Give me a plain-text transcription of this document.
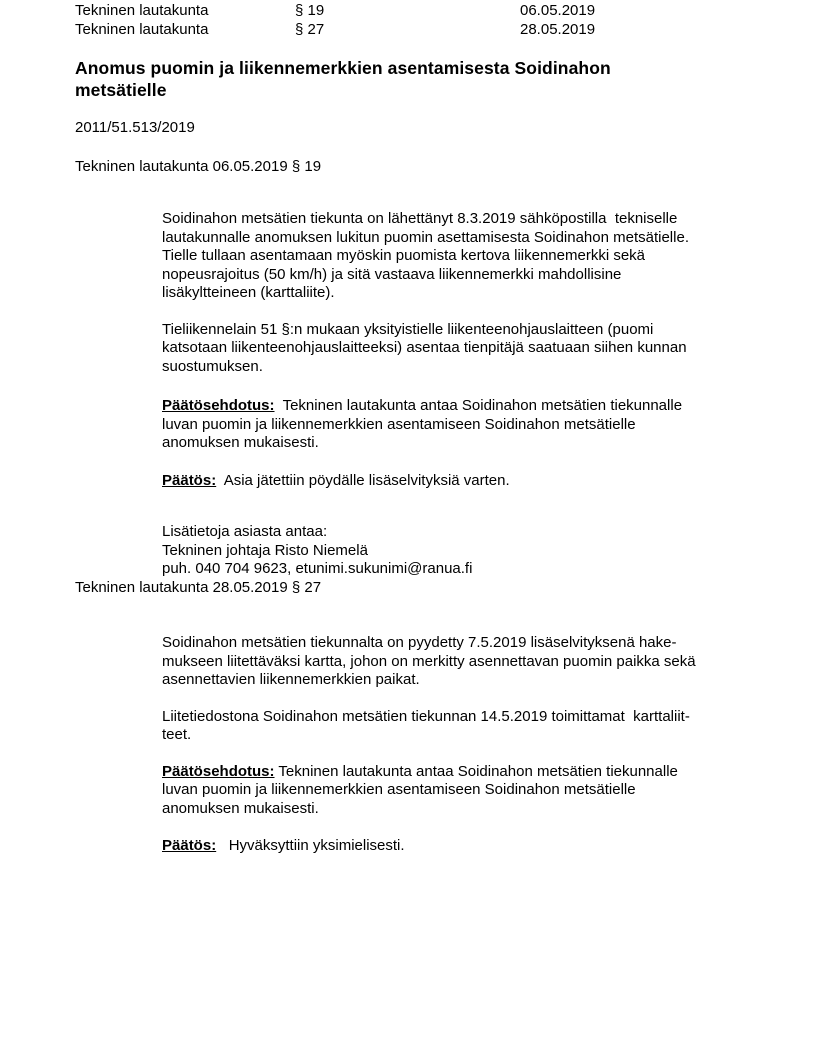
Tekninen lautakunta	§ 19	06.05.2019
Tekninen lautakunta	§ 27	28.05.2019
Anomus puomin ja liikennemerkkien asentamisesta Soidinahon
metsätielle
2011/51.513/2019
Tekninen lautakunta 06.05.2019 § 19
Soidinahon metsätien tiekunta on lähettänyt 8.3.2019 sähköpostilla  tekniselle
lautakunnalle anomuksen lukitun puomin asettamisesta Soidinahon metsätielle.
Tielle tullaan asentamaan myöskin puomista kertova liikennemerkki sekä
nopeusrajoitus (50 km/h) ja sitä vastaava liikennemerkki mahdollisine
lisäkyltteineen (karttaliite).
Tieliikennelain 51 §:n mukaan yksityistielle liikenteenohjauslaitteen (puomi
katsotaan liikenteenohjauslaitteeksi) asentaa tienpitäjä saatuaan siihen kunnan
suostumuksen.
Päätösehdotus:  Tekninen lautakunta antaa Soidinahon metsätien tiekunnalle
luvan puomin ja liikennemerkkien asentamiseen Soidinahon metsätielle
anomuksen mukaisesti.
Päätös:  Asia jätettiin pöydälle lisäselvityksiä varten.
Lisätietoja asiasta antaa:
Tekninen johtaja Risto Niemelä
puh. 040 704 9623, etunimi.sukunimi@ranua.fi
Tekninen lautakunta 28.05.2019 § 27
Soidinahon metsätien tiekunnalta on pyydetty 7.5.2019 lisäselvityksenä hake-
mukseen liitettäväksi kartta, johon on merkitty asennettavan puomin paikka sekä
asennettavien liikennemerkkien paikat.
Liitetiedostona Soidinahon metsätien tiekunnan 14.5.2019 toimittamat  karttaliit-
teet.
Päätösehdotus: Tekninen lautakunta antaa Soidinahon metsätien tiekunnalle
luvan puomin ja liikennemerkkien asentamiseen Soidinahon metsätielle
anomuksen mukaisesti.
Päätös:   Hyväksyttiin yksimielisesti.
